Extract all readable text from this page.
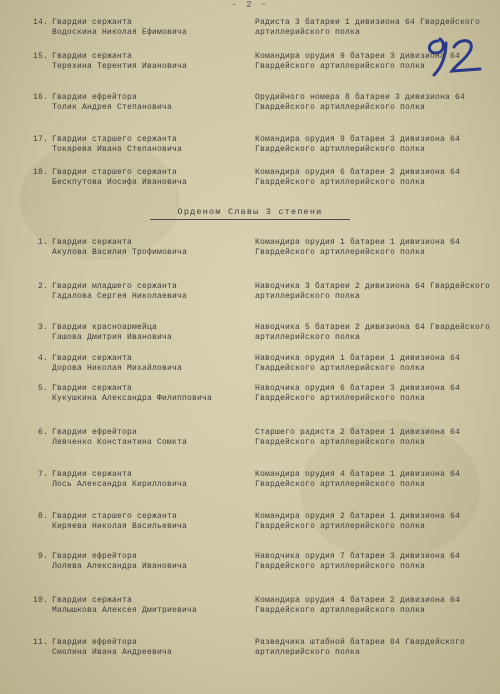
- 2 -
14. Гвардии сержанта
Водоскина Николая Ефимовича
Радиста 3 батареи 1 дивизиона 64 Гвардейского артиллерийского полка
15. Гвардии сержанта
Терехина Терентия Ивановича
Командира орудия 9 батареи 3 дивизиона 64 Гвардейского артиллерийского полка
16. Гвардии ефрейтора
Толик Андрея Степановича
Орудийного номера 8 батареи 3 дивизиона 64 Гвардейского артиллерийского полка
17. Гвардии старшего сержанта
Токарева Ивана Степановича
Командира орудия 9 батареи 3 дивизиона 64 Гвардейского артиллерийского полка
18. Гвардии старшего сержанта
Бескпутова Иосифа Ивановича
Командира орудия 6 батареи 2 дивизиона 64 Гвардейского артиллерийского полка
Орденом Славы 3 степени
1. Гвардии сержанта
Акулова Василия Трофимовича
Командира орудия 1 батареи 1 дивизиона 64 Гвардейского артиллерийского полка
2. Гвардии младшего сержанта
Гадалова Сергея Николаевича
Наводчика 3 батареи 2 дивизиона 64 Гвардейского артиллерийского полка
3. Гвардии красноармейца
Гашова Дмитрия Ивановича
Наводчика 5 батареи 2 дивизиона 64 Гвардейского артиллерийского полка
4. Гвардии сержанта
Дорова Николая Михайловича
Наводчика орудия 1 батареи 1 дивизиона 64 Гвардейского артиллерийского полка
5. Гвардии сержанта
Кукушкина Александра Филипповича
Наводчика орудия 6 батареи 3 дивизиона 64 Гвардейского артиллерийского полка
6. Гвардии ефрейтора
Левченко Константина Сомкта
Старшего радиста 2 батареи 1 дивизиона 64 Гвардейского артиллерийского полка
7. Гвардии сержанта
Лось Александра Кирилловича
Командира орудия 4 батареи 1 дивизиона 64 Гвардейского артиллерийского полка
8. Гвардии старшего сержанта
Киряева Николая Васильевича
Командира орудия 2 батареи 1 дивизиона 64 Гвардейского артиллерийского полка
9. Гвардии ефрейтора
Лолева Александра Ивановича
Наводчика орудия 7 батареи 3 дивизиона 64 Гвардейского артиллерийского полка
10. Гвардии сержанта
Малышкова Алексея Дмитриевича
Командира орудия 4 батареи 2 дивизиона 64 Гвардейского артиллерийского полка
11. Гвардии ефрейтора
Смолина Ивана Андреевича
Разведчика штабной батареи 64 Гвардейского артиллерийского полка
